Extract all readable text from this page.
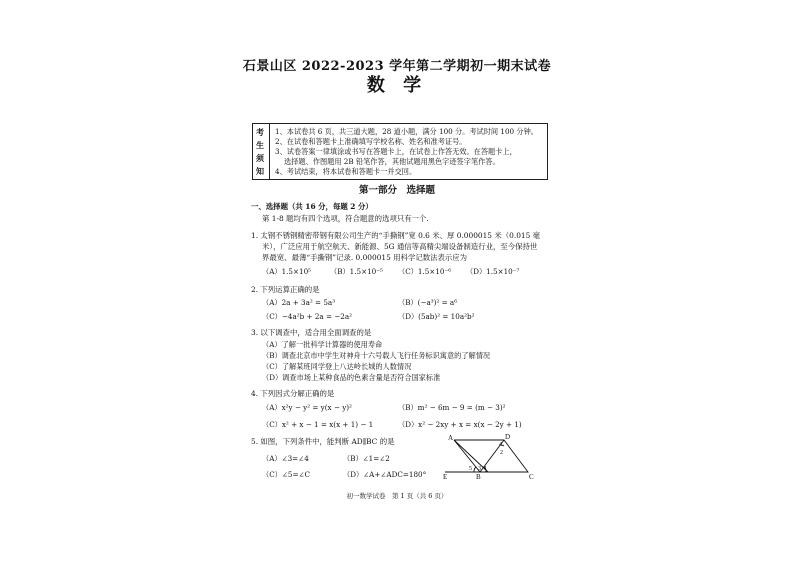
石景山区 2022-2023 学年第二学期初一期末试卷
数 学
考
生
须
知
1、本试卷共 6 页，共三道大题，28 道小题，满分 100 分。考试时间 100 分钟。
2、在试卷和答题卡上准确填写学校名称、姓名和准考证号。
3、试卷答案一律填涂或书写在答题卡上，在试卷上作答无效。在答题卡上，
选择题、作图题用 2B 铅笔作答，其他试题用黑色字迹签字笔作答。
4、考试结束，将本试卷和答题卡一并交回。
第一部分　选择题
一、选择题（共 16 分，每题 2 分）
第 1-8 题均有四个选项，符合题意的选项只有一个.
1. 太钢不锈钢精密带钢有限公司生产的“手撕钢”宽 0.6 米、厚 0.000015 米（0.015 毫
米），广泛应用于航空航天、新能源、5G 通信等高精尖端设备制造行业，至今保持世
界最宽、最薄“手撕钢”记录. 0.000015 用科学记数法表示应为
（A）1.5×10⁵	（B）1.5×10⁻⁵ （C）1.5×10⁻⁶ （D）1.5×10⁻⁷
2. 下列运算正确的是
（A）2a + 3a² = 5a³	（B）(−a³)² = a⁶
（C）−4a²b + 2a = −2a²	（D）(5ab)² = 10a²b²
3. 以下调查中，适合用全面调查的是
（A）了解一批科学计算器的使用寿命
（B）调查北京市中学生对神舟十六号载人飞行任务标识寓意的了解情况
（C）了解某班同学登上八达岭长城的人数情况
（D）调查市场上某种食品的色素含量是否符合国家标准
4. 下列因式分解正确的是
（A）x²y − y² = y(x − y)²	（B）m² − 6m − 9 = (m − 3)²
（C）x² + x − 1 = x(x + 1) − 1	（D）x² − 2xy + x = x(x − 2y + 1)
5. 如图，下列条件中，能判断 AD∥BC 的是
（A）∠3=∠4	（B）∠1=∠2
（C）∠5=∠C	（D）∠A+∠ADC=180°
A	D
B	C
E
1
2
3
4
5
初一数学试卷　第 1 页（共 6 页）
